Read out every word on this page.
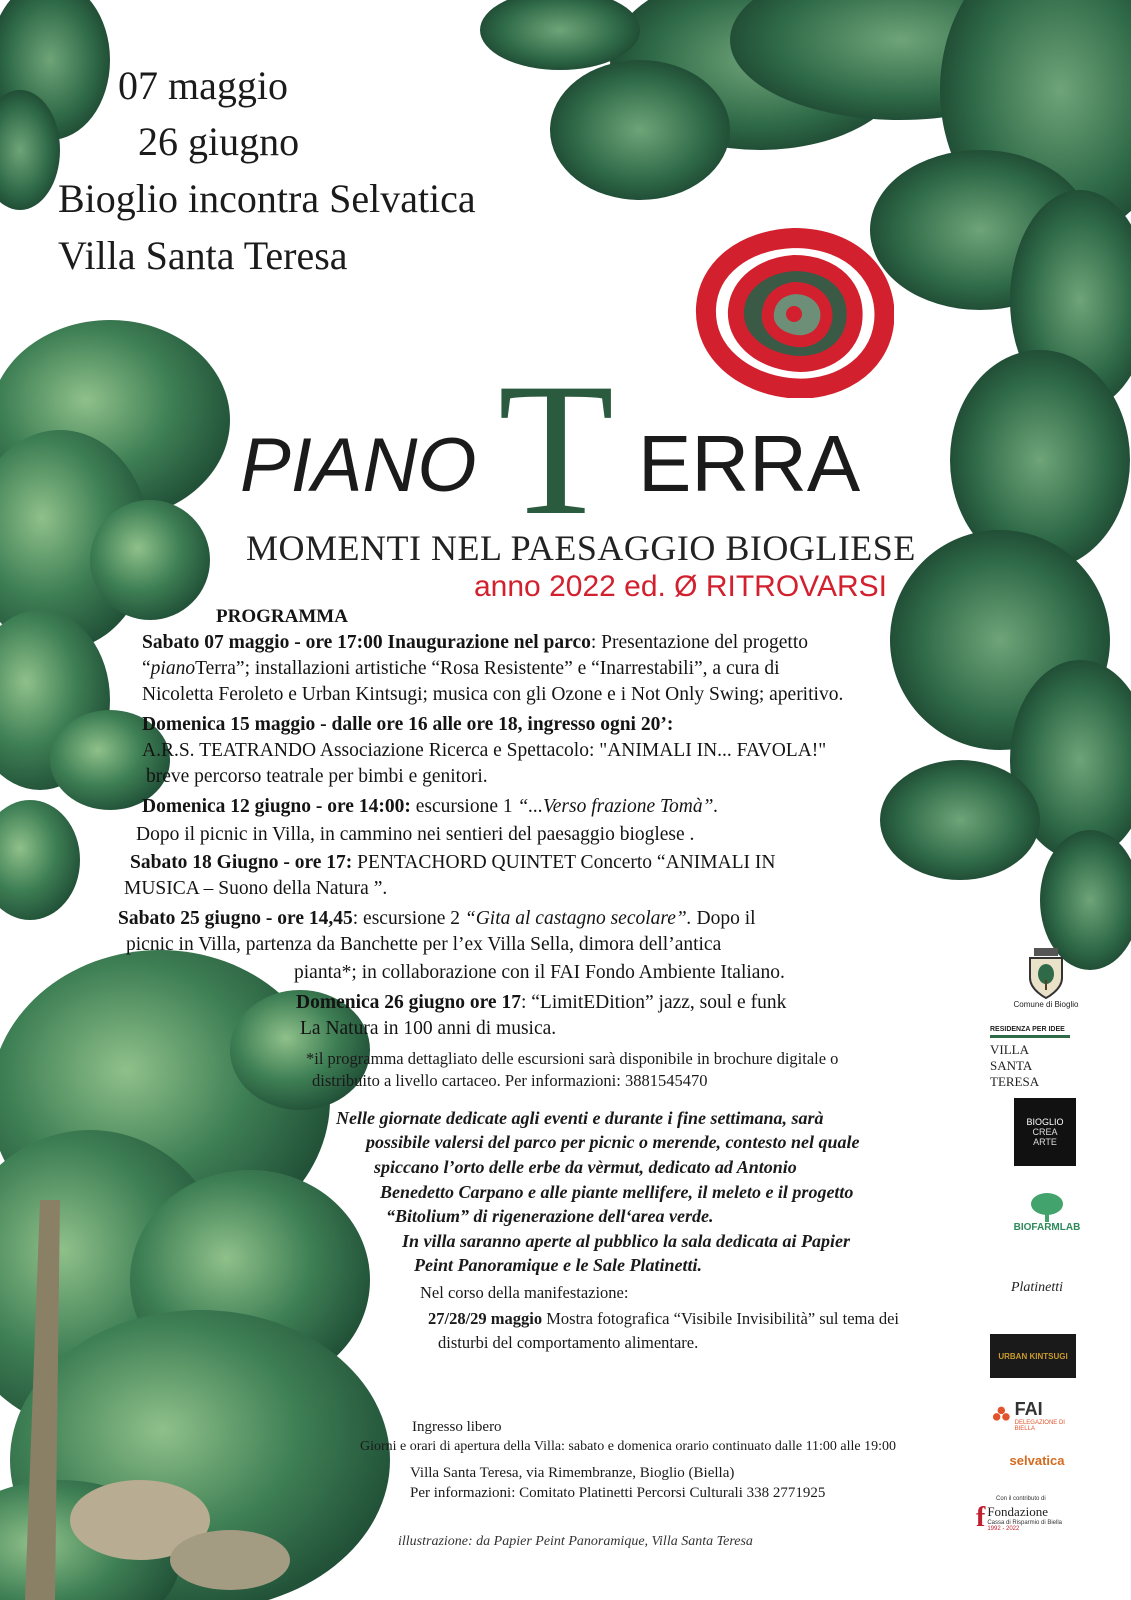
07 maggio
26 giugno
Bioglio incontra Selvatica
Villa Santa Teresa
PIANO T ERRA
MOMENTI NEL PAESAGGIO BIOGLIESE
anno 2022 ed. Ø RITROVARSI
PROGRAMMA
Sabato 07 maggio - ore 17:00 Inaugurazione nel parco: Presentazione del progetto
“pianoTerra”; installazioni artistiche “Rosa Resistente” e “Inarrestabili”, a cura di
Nicoletta Feroleto e Urban Kintsugi; musica con gli Ozone e i Not Only Swing; aperitivo.
Domenica 15 maggio - dalle ore 16 alle ore 18, ingresso ogni 20’:
A.R.S. TEATRANDO Associazione Ricerca e Spettacolo: "ANIMALI IN... FAVOLA!"
breve percorso teatrale per bimbi e genitori.
Domenica 12 giugno - ore 14:00: escursione 1 “...Verso frazione Tomà”.
Dopo il picnic in Villa, in cammino nei sentieri del paesaggio bioglese .
Sabato 18 Giugno - ore 17: PENTACHORD QUINTET Concerto “ANIMALI IN
MUSICA – Suono della Natura ”.
Sabato 25 giugno - ore 14,45: escursione 2 “Gita al castagno secolare”. Dopo il
picnic in Villa, partenza da Banchette per l’ex Villa Sella, dimora dell’antica
pianta*; in collaborazione con il FAI Fondo Ambiente Italiano.
Domenica 26 giugno ore 17: “LimitEDition” jazz, soul e funk
La Natura in 100 anni di musica.
*il programma dettagliato delle escursioni sarà disponibile in brochure digitale o
distribuito a livello cartaceo. Per informazioni: 3881545470
Nelle giornate dedicate agli eventi e durante i fine settimana, sarà
possibile valersi del parco per picnic o merende, contesto nel quale
spiccano l’orto delle erbe da vèrmut, dedicato ad Antonio
Benedetto Carpano e alle piante mellifere, il meleto e il progetto
“Bitolium” di rigenerazione dell‘area verde.
In villa saranno aperte al pubblico la sala dedicata ai Papier
Peint Panoramique e le Sale Platinetti.
Nel corso della manifestazione:
27/28/29 maggio Mostra fotografica “Visibile Invisibilità” sul tema dei
disturbi del comportamento alimentare.
Ingresso libero
Giorni e orari di apertura della Villa: sabato e domenica orario continuato dalle 11:00 alle 19:00
Villa Santa Teresa, via Rimembranze, Bioglio (Biella)
Per informazioni: Comitato Platinetti Percorsi Culturali 338 2771925
illustrazione: da Papier Peint Panoramique, Villa Santa Teresa
Comune di Bioglio
RESIDENZA PER IDEE
VILLA
SANTA TERESA
BIOGLIO
CREA
ARTE
BIOFARMLAB
Platinetti
URBAN KINTSUGI
FAI
DELEGAZIONE DI BIELLA
selvatica
Con il contributo di
f Fondazione
Cassa di Risparmio di Biella
1992 - 2022
